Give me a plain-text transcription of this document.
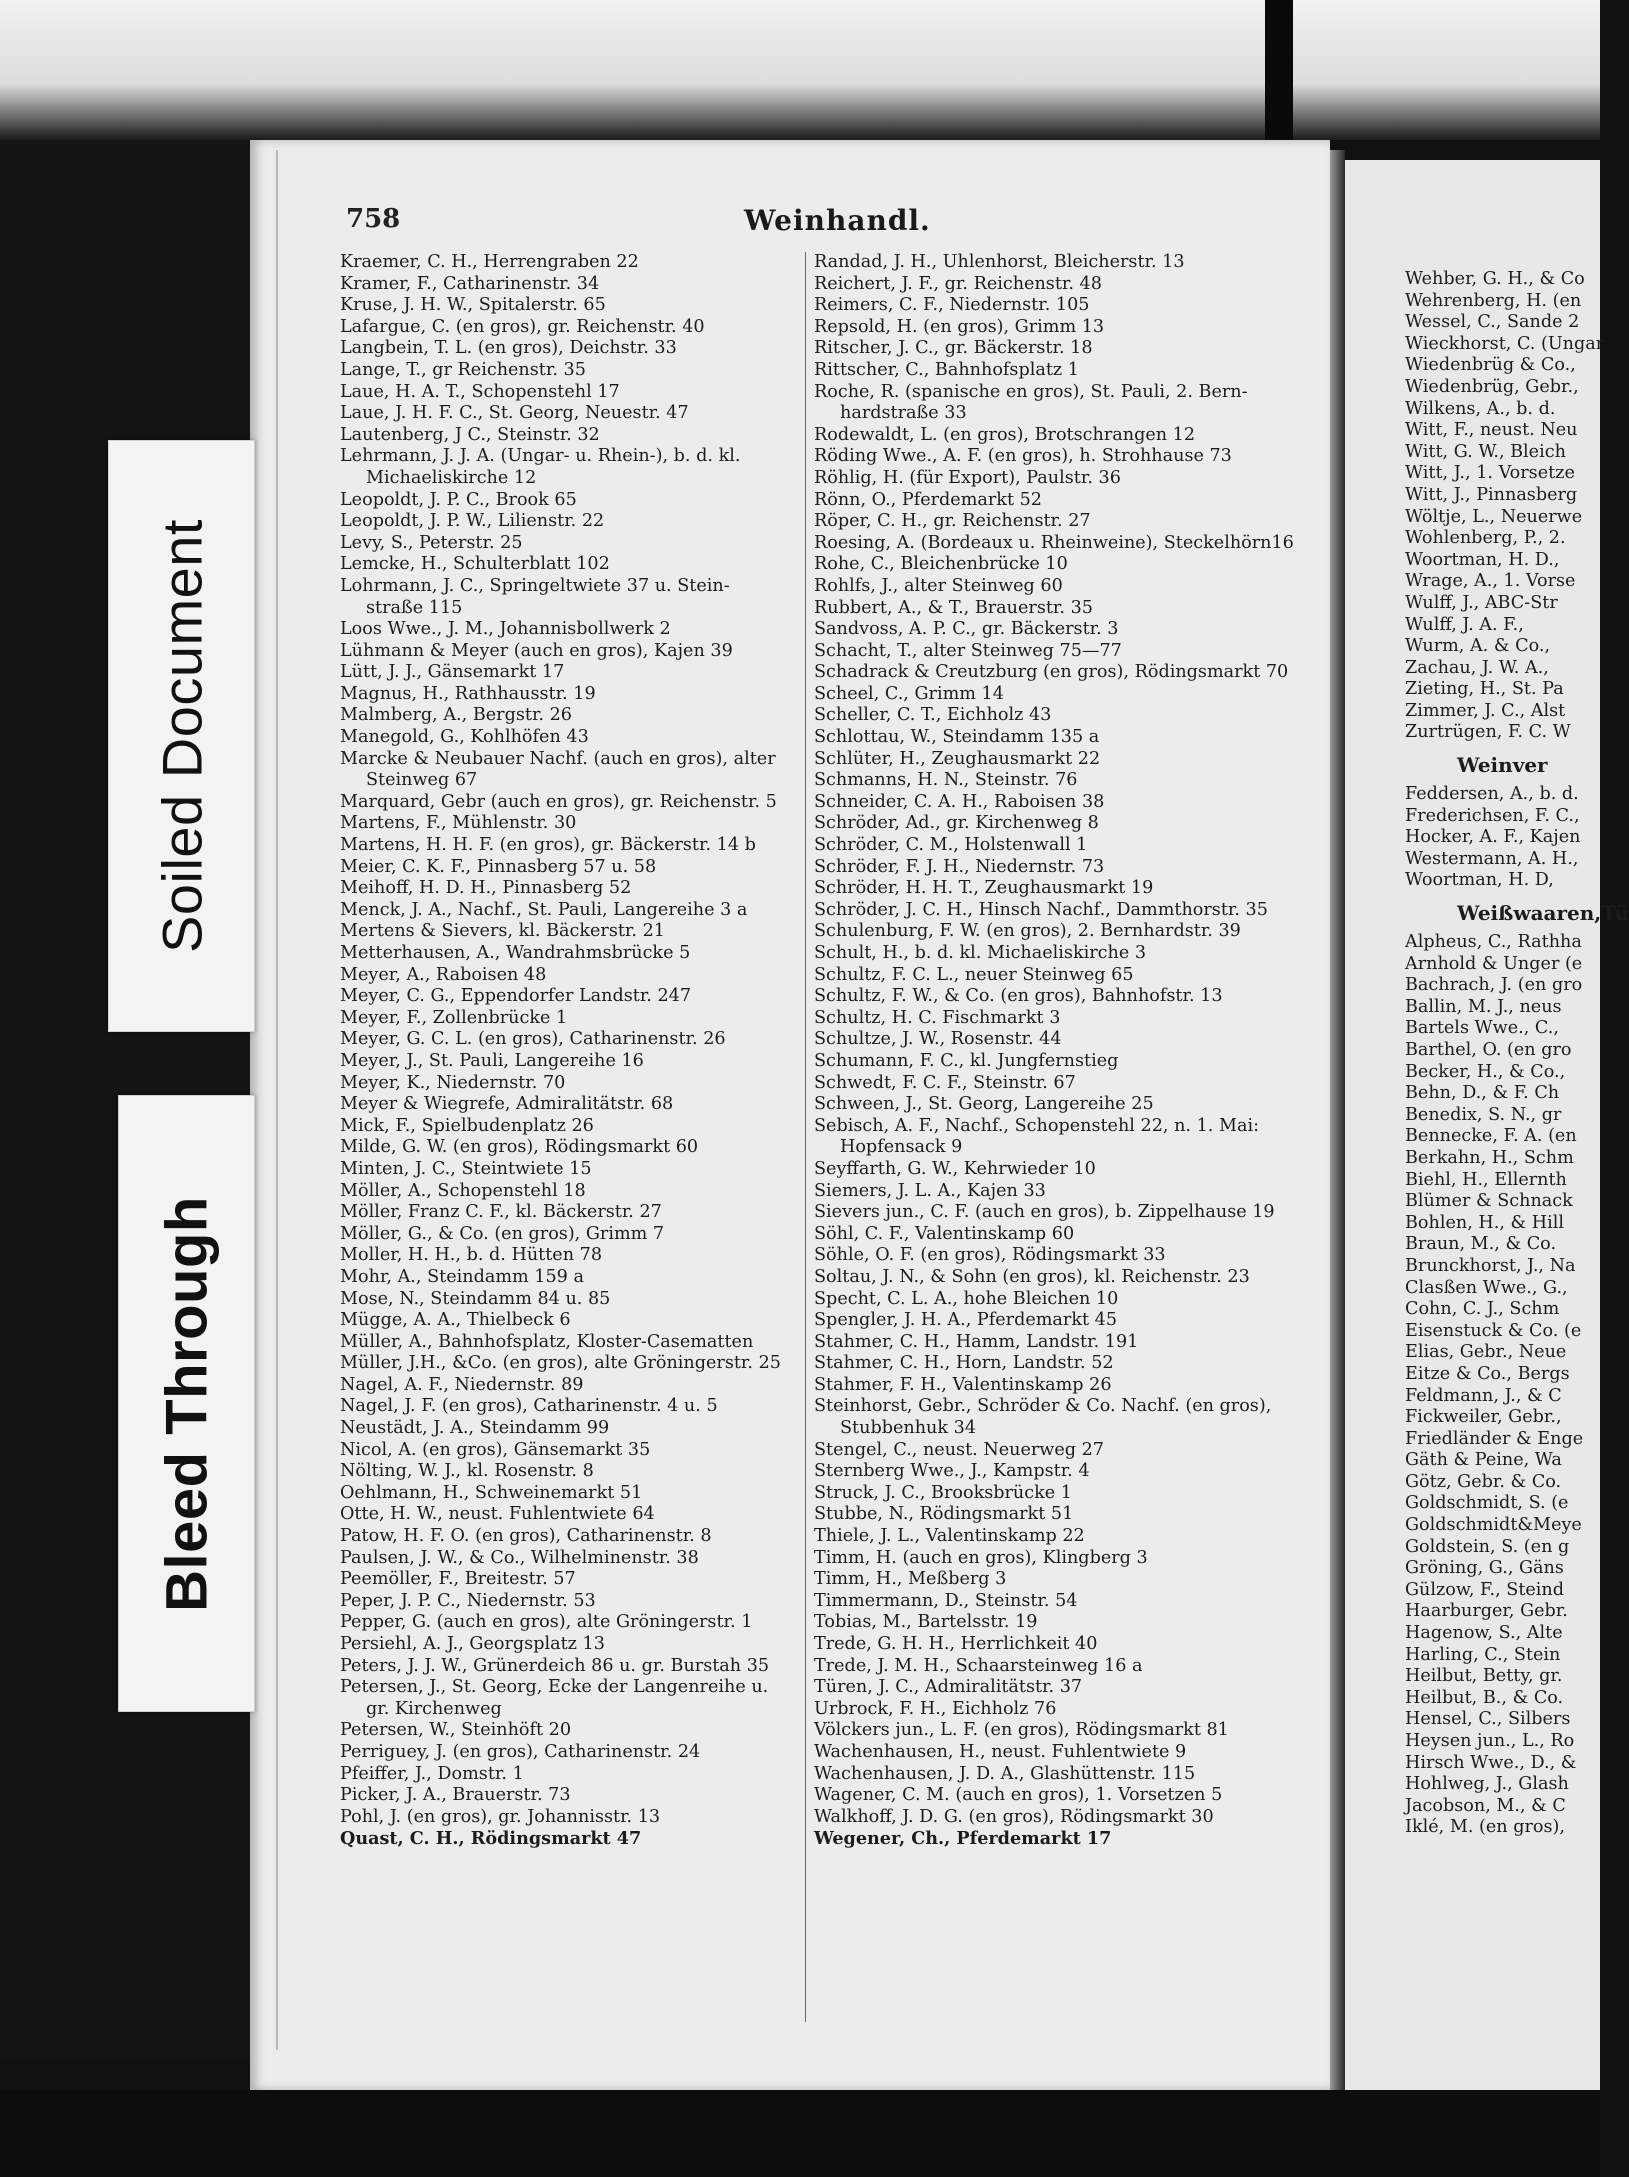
758	Weinhandl.
Kraemer, C. H., Herrengraben 22
Kramer, F., Catharinenstr. 34
Kruse, J. H. W., Spitalerstr. 65
Lafargue, C. (en gros), gr. Reichenstr. 40
Langbein, T. L. (en gros), Deichstr. 33
Lange, T., gr Reichenstr. 35
Laue, H. A. T., Schopenstehl 17
Laue, J. H. F. C., St. Georg, Neuestr. 47
Lautenberg, J C., Steinstr. 32
Lehrmann, J. J. A. (Ungar- u. Rhein-), b. d. kl.
Michaeliskirche 12
Leopoldt, J. P. C., Brook 65
Leopoldt, J. P. W., Lilienstr. 22
Levy, S., Peterstr. 25
Lemcke, H., Schulterblatt 102
Lohrmann, J. C., Springeltwiete 37 u. Stein-
straße 115
Loos Wwe., J. M., Johannisbollwerk 2
Lühmann & Meyer (auch en gros), Kajen 39
Lütt, J. J., Gänsemarkt 17
Magnus, H., Rathhausstr. 19
Malmberg, A., Bergstr. 26
Manegold, G., Kohlhöfen 43
Marcke & Neubauer Nachf. (auch en gros), alter
Steinweg 67
Marquard, Gebr (auch en gros), gr. Reichenstr. 5
Martens, F., Mühlenstr. 30
Martens, H. H. F. (en gros), gr. Bäckerstr. 14 b
Meier, C. K. F., Pinnasberg 57 u. 58
Meihoff, H. D. H., Pinnasberg 52
Menck, J. A., Nachf., St. Pauli, Langereihe 3 a
Mertens & Sievers, kl. Bäckerstr. 21
Metterhausen, A., Wandrahmsbrücke 5
Meyer, A., Raboisen 48
Meyer, C. G., Eppendorfer Landstr. 247
Meyer, F., Zollenbrücke 1
Meyer, G. C. L. (en gros), Catharinenstr. 26
Meyer, J., St. Pauli, Langereihe 16
Meyer, K., Niedernstr. 70
Meyer & Wiegrefe, Admiralitätstr. 68
Mick, F., Spielbudenplatz 26
Milde, G. W. (en gros), Rödingsmarkt 60
Minten, J. C., Steintwiete 15
Möller, A., Schopenstehl 18
Möller, Franz C. F., kl. Bäckerstr. 27
Möller, G., & Co. (en gros), Grimm 7
Moller, H. H., b. d. Hütten 78
Mohr, A., Steindamm 159 a
Mose, N., Steindamm 84 u. 85
Mügge, A. A., Thielbeck 6
Müller, A., Bahnhofsplatz, Kloster-Casematten
Müller, J.H., &Co. (en gros), alte Gröningerstr. 25
Nagel, A. F., Niedernstr. 89
Nagel, J. F. (en gros), Catharinenstr. 4 u. 5
Neustädt, J. A., Steindamm 99
Nicol, A. (en gros), Gänsemarkt 35
Nölting, W. J., kl. Rosenstr. 8
Oehlmann, H., Schweinemarkt 51
Otte, H. W., neust. Fuhlentwiete 64
Patow, H. F. O. (en gros), Catharinenstr. 8
Paulsen, J. W., & Co., Wilhelminenstr. 38
Peemöller, F., Breitestr. 57
Peper, J. P. C., Niedernstr. 53
Pepper, G. (auch en gros), alte Gröningerstr. 1
Persiehl, A. J., Georgsplatz 13
Peters, J. J. W., Grünerdeich 86 u. gr. Burstah 35
Petersen, J., St. Georg, Ecke der Langenreihe u.
gr. Kirchenweg
Petersen, W., Steinhöft 20
Perriguey, J. (en gros), Catharinenstr. 24
Pfeiffer, J., Domstr. 1
Picker, J. A., Brauerstr. 73
Pohl, J. (en gros), gr. Johannisstr. 13
Quast, C. H., Rödingsmarkt 47
Randad, J. H., Uhlenhorst, Bleicherstr. 13
Reichert, J. F., gr. Reichenstr. 48
Reimers, C. F., Niedernstr. 105
Repsold, H. (en gros), Grimm 13
Ritscher, J. C., gr. Bäckerstr. 18
Rittscher, C., Bahnhofsplatz 1
Roche, R. (spanische en gros), St. Pauli, 2. Bern-
hardstraße 33
Rodewaldt, L. (en gros), Brotschrangen 12
Röding Wwe., A. F. (en gros), h. Strohhause 73
Röhlig, H. (für Export), Paulstr. 36
Rönn, O., Pferdemarkt 52
Röper, C. H., gr. Reichenstr. 27
Roesing, A. (Bordeaux u. Rheinweine), Steckelhörn16
Rohe, C., Bleichenbrücke 10
Rohlfs, J., alter Steinweg 60
Rubbert, A., & T., Brauerstr. 35
Sandvoss, A. P. C., gr. Bäckerstr. 3
Schacht, T., alter Steinweg 75—77
Schadrack & Creutzburg (en gros), Rödingsmarkt 70
Scheel, C., Grimm 14
Scheller, C. T., Eichholz 43
Schlottau, W., Steindamm 135 a
Schlüter, H., Zeughausmarkt 22
Schmanns, H. N., Steinstr. 76
Schneider, C. A. H., Raboisen 38
Schröder, Ad., gr. Kirchenweg 8
Schröder, C. M., Holstenwall 1
Schröder, F. J. H., Niedernstr. 73
Schröder, H. H. T., Zeughausmarkt 19
Schröder, J. C. H., Hinsch Nachf., Dammthorstr. 35
Schulenburg, F. W. (en gros), 2. Bernhardstr. 39
Schult, H., b. d. kl. Michaeliskirche 3
Schultz, F. C. L., neuer Steinweg 65
Schultz, F. W., & Co. (en gros), Bahnhofstr. 13
Schultz, H. C. Fischmarkt 3
Schultze, J. W., Rosenstr. 44
Schumann, F. C., kl. Jungfernstieg
Schwedt, F. C. F., Steinstr. 67
Schween, J., St. Georg, Langereihe 25
Sebisch, A. F., Nachf., Schopenstehl 22, n. 1. Mai:
Hopfensack 9
Seyffarth, G. W., Kehrwieder 10
Siemers, J. L. A., Kajen 33
Sievers jun., C. F. (auch en gros), b. Zippelhause 19
Söhl, C. F., Valentinskamp 60
Söhle, O. F. (en gros), Rödingsmarkt 33
Soltau, J. N., & Sohn (en gros), kl. Reichenstr. 23
Specht, C. L. A., hohe Bleichen 10
Spengler, J. H. A., Pferdemarkt 45
Stahmer, C. H., Hamm, Landstr. 191
Stahmer, C. H., Horn, Landstr. 52
Stahmer, F. H., Valentinskamp 26
Steinhorst, Gebr., Schröder & Co. Nachf. (en gros),
Stubbenhuk 34
Stengel, C., neust. Neuerweg 27
Sternberg Wwe., J., Kampstr. 4
Struck, J. C., Brooksbrücke 1
Stubbe, N., Rödingsmarkt 51
Thiele, J. L., Valentinskamp 22
Timm, H. (auch en gros), Klingberg 3
Timm, H., Meßberg 3
Timmermann, D., Steinstr. 54
Tobias, M., Bartelsstr. 19
Trede, G. H. H., Herrlichkeit 40
Trede, J. M. H., Schaarsteinweg 16 a
Türen, J. C., Admiralitätstr. 37
Urbrock, F. H., Eichholz 76
Völckers jun., L. F. (en gros), Rödingsmarkt 81
Wachenhausen, H., neust. Fuhlentwiete 9
Wachenhausen, J. D. A., Glashüttenstr. 115
Wagener, C. M. (auch en gros), 1. Vorsetzen 5
Walkhoff, J. D. G. (en gros), Rödingsmarkt 30
Wegener, Ch., Pferdemarkt 17
Wehber, G. H., & Co
Wehrenberg, H. (en
Wessel, C., Sande 2
Wieckhorst, C. (Ungar
Wiedenbrüg & Co.,
Wiedenbrüg, Gebr.,
Wilkens, A., b. d.
Witt, F., neust. Neu
Witt, G. W., Bleich
Witt, J., 1. Vorsetze
Witt, J., Pinnasberg
Wöltje, L., Neuerwe
Wohlenberg, P., 2.
Woortman, H. D.,
Wrage, A., 1. Vorse
Wulff, J., ABC-Str
Wulff, J. A. F.,
Wurm, A. & Co.,
Zachau, J. W. A.,
Zieting, H., St. Pa
Zimmer, J. C., Alst
Zurtrügen, F. C. W
Weinver
Feddersen, A., b. d.
Frederichsen, F. C.,
Hocker, A. F., Kajen
Westermann, A. H.,
Woortman, H. D,
Weißwaaren,Tü
Alpheus, C., Rathha
Arnhold & Unger (e
Bachrach, J. (en gro
Ballin, M. J., neus
Bartels Wwe., C.,
Barthel, O. (en gro
Becker, H., & Co.,
Behn, D., & F. Ch
Benedix, S. N., gr
Bennecke, F. A. (en
Berkahn, H., Schm
Biehl, H., Ellernth
Blümer & Schnack
Bohlen, H., & Hill
Braun, M., & Co.
Brunckhorst, J., Na
Clasßen Wwe., G.,
Cohn, C. J., Schm
Eisenstuck & Co. (e
Elias, Gebr., Neue
Eitze & Co., Bergs
Feldmann, J., & C
Fickweiler, Gebr.,
Friedländer & Enge
Gäth & Peine, Wa
Götz, Gebr. & Co.
Goldschmidt, S. (e
Goldschmidt&Meye
Goldstein, S. (en g
Gröning, G., Gäns
Gülzow, F., Steind
Haarburger, Gebr.
Hagenow, S., Alte
Harling, C., Stein
Heilbut, Betty, gr.
Heilbut, B., & Co.
Hensel, C., Silbers
Heysen jun., L., Ro
Hirsch Wwe., D., &
Hohlweg, J., Glash
Jacobson, M., & C
Iklé, M. (en gros),
Soiled Document
Bleed Through
